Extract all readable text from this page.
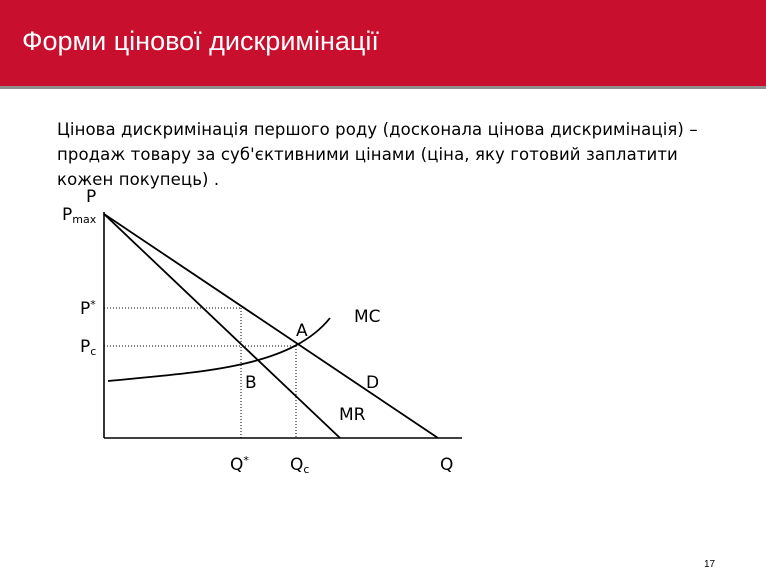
Форми цінової дискримінації
Цінова дискримінація першого роду (досконала цінова дискримінація) –
продаж товару за суб'єктивними цінами (ціна, яку готовий заплатити
кожен покупець) .
P
Q
Pmax
P*
Pc
Q* Qc
MC
A
B	D
MR
17
